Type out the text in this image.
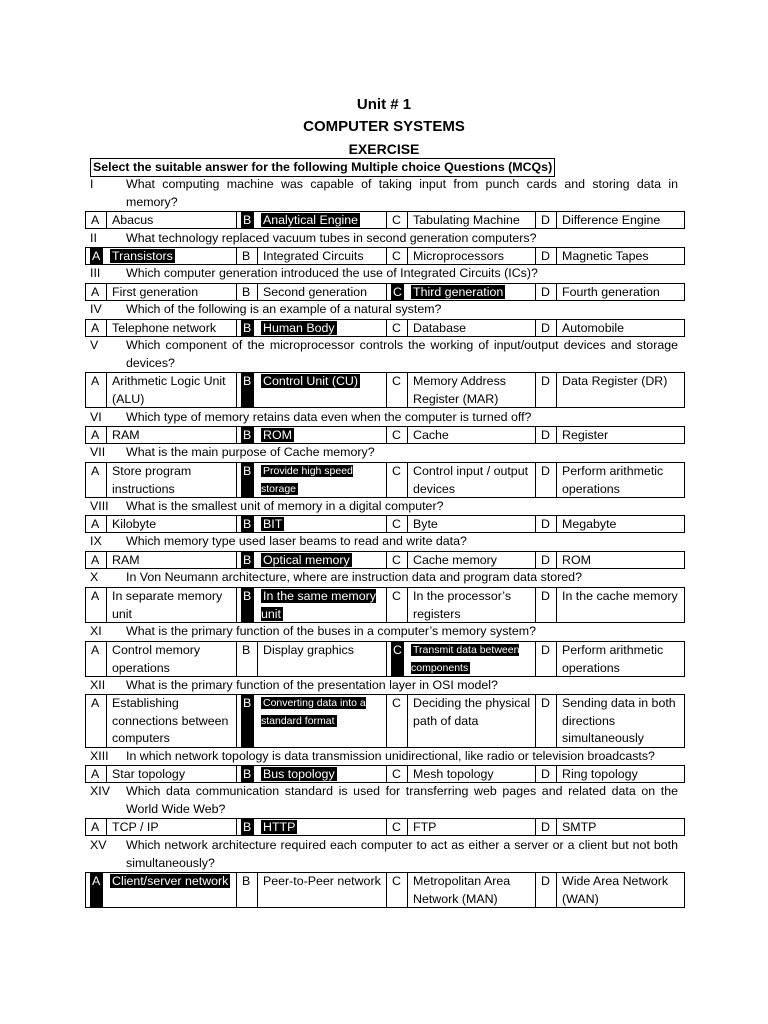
Unit # 1
COMPUTER SYSTEMS
EXERCISE
Select the suitable answer for the following Multiple choice Questions (MCQs)
I	What computing machine was capable of taking input from punch cards and storing data in memory?
A	Abacus	B Analytical Engine	C Tabulating Machine	D Difference Engine
II What technology replaced vacuum tubes in second generation computers?
A Transistors	B	Integrated Circuits	C Microprocessors	D Magnetic Tapes
III Which computer generation introduced the use of Integrated Circuits (ICs)?
A	First generation	B	Second generation	C Third generation	D Fourth generation
IV Which of the following is an example of a natural system?
A	Telephone network	B Human Body	C Database	D Automobile
V Which component of the microprocessor controls the working of input/output devices and storage devices?
A	Arithmetic Logic Unit (ALU)
B Control Unit (CU)	C Memory Address Register (MAR)
D Data Register (DR)
VI Which type of memory retains data even when the computer is turned off?
A	RAM	B ROM	C Cache	D Register
VII What is the main purpose of Cache memory?
A	Store program instructions
B	Provide high speed storage
C Control input / output devices
D Perform arithmetic operations
VIII What is the smallest unit of memory in a digital computer?
A	Kilobyte	B BIT	C Byte	D Megabyte
IX Which memory type used laser beams to read and write data?
A	RAM	B Optical memory	C Cache memory	D ROM
X In Von Neumann architecture, where are instruction data and program data stored?
A	In separate memory unit
B In the same memory unit
C In the processor’s registers
D In the cache memory
XI What is the primary function of the buses in a computer’s memory system?
A	Control memory operations
B	Display graphics	C	Transmit data between components
D Perform arithmetic operations
XII What is the primary function of the presentation layer in OSI model?
A	Establishing connections between computers
B	Converting data into a standard format
C Deciding the physical path of data
D Sending data in both directions simultaneously
XIII In which network topology is data transmission unidirectional, like radio or television broadcasts?
A	Star topology	B Bus topology	C Mesh topology	D Ring topology
XIV Which data communication standard is used for transferring web pages and related data on the World Wide Web?
A	TCP / IP	B HTTP	C FTP	D SMTP
XV Which network architecture required each computer to act as either a server or a client but not both simultaneously?
A Client/server network	B	Peer-to-Peer network C Metropolitan Area Network (MAN)
D Wide Area Network (WAN)
